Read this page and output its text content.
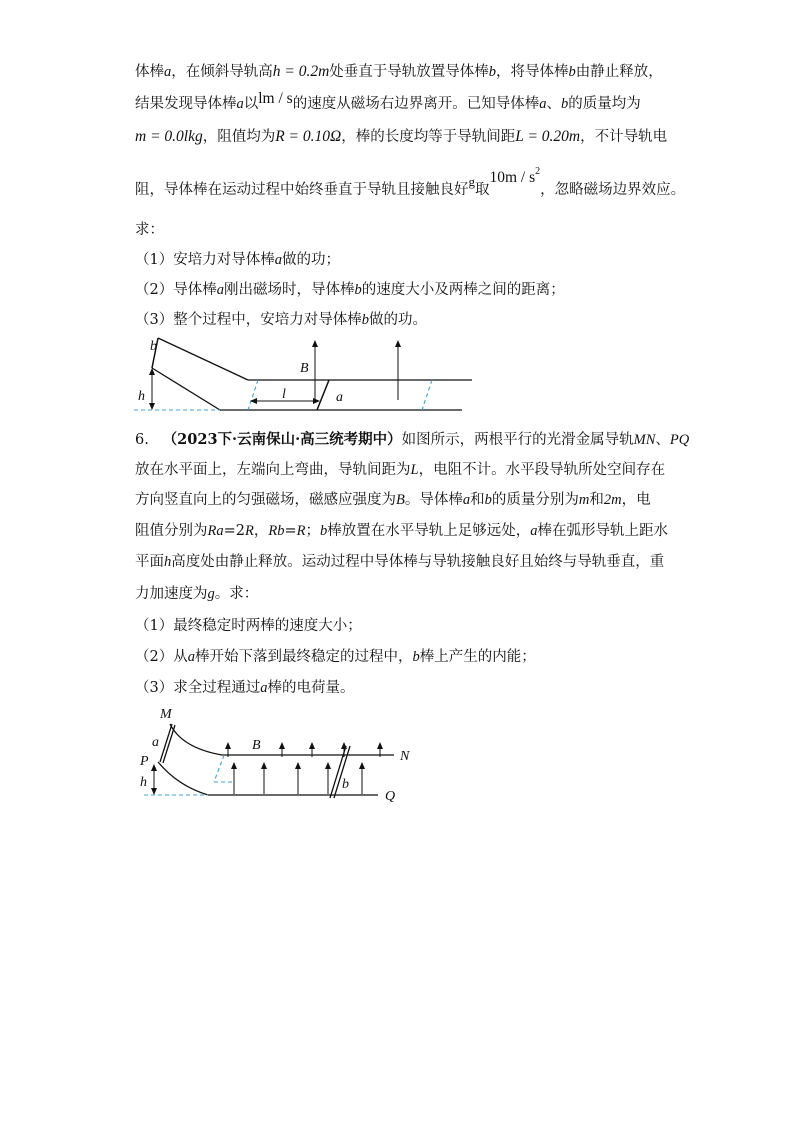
体棒a，在倾斜导轨高h = 0.2m处垂直于导轨放置导体棒b，将导体棒b由静止释放，
结果发现导体棒a以lm / s的速度从磁场右边界离开。已知导体棒a、b的质量均为
m = 0.0lkg，阻值均为R = 0.10Ω，棒的长度均等于导轨间距L = 0.20m，不计导轨电
阻，导体棒在运动过程中始终垂直于导轨且接触良好g取$10m / s^2$，忽略磁场边界效应。
求：
（1）安培力对导体棒a做的功；
（2）导体棒a刚出磁场时，导体棒b的速度大小及两棒之间的距离；
（3）整个过程中，安培力对导体棒b做的功。
b
h
B
l	a
6. （2023下·云南保山·高三统考期中）如图所示，两根平行的光滑金属导轨MN、PQ
放在水平面上，左端向上弯曲，导轨间距为L，电阻不计。水平段导轨所处空间存在
方向竖直向上的匀强磁场，磁感应强度为B。导体棒a和b的质量分别为m和2m，电
阻值分别为Ra=2R，Rb=R；b棒放置在水平导轨上足够远处，a棒在弧形导轨上距水
平面h高度处由静止释放。运动过程中导体棒与导轨接触良好且始终与导轨垂直，重
力加速度为g。求：
（1）最终稳定时两棒的速度大小；
（2）从a棒开始下落到最终稳定的过程中，b棒上产生的内能；
（3）求全过程通过a棒的电荷量。
M
a
P
h
B
N
b
Q
